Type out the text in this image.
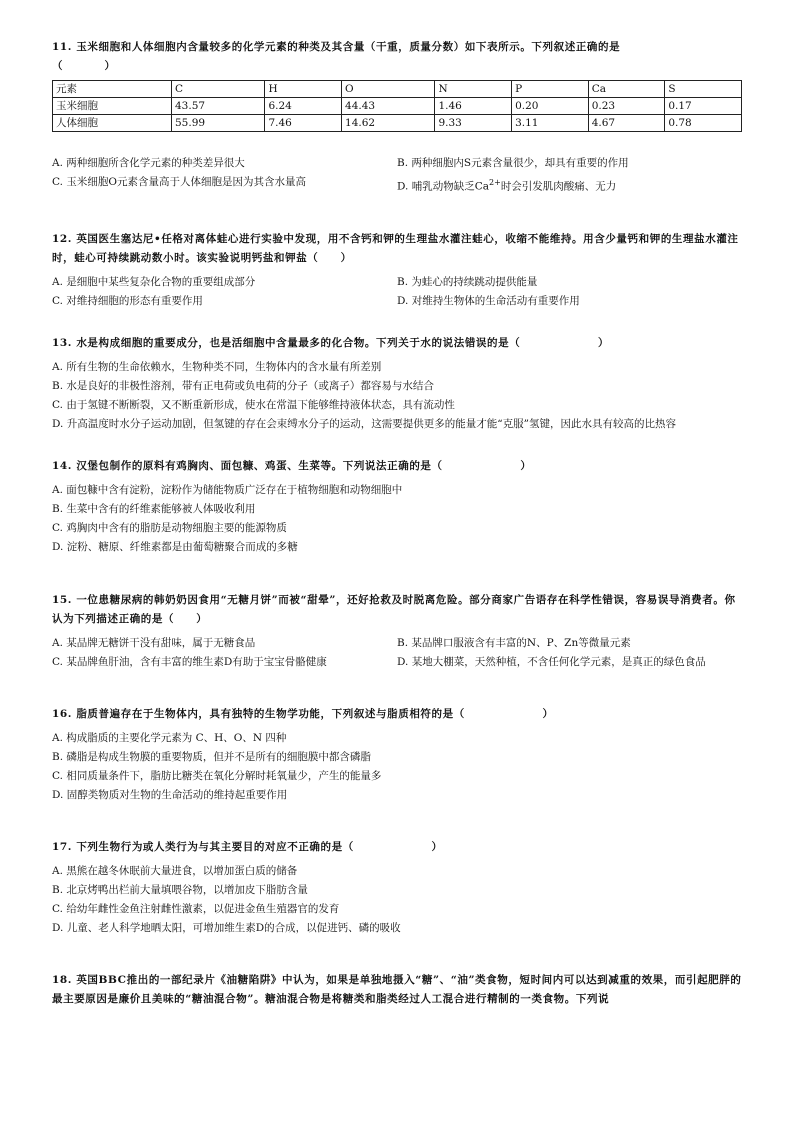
11. 玉米细胞和人体细胞内含量较多的化学元素的种类及其含量（干重，质量分数）如下表所示。下列叙述正确的是
（　　　　）

元素	C	H	O	N	P	Ca	S
玉米细胞	43.57	6.24	44.43	1.46	0.20	0.23	0.17
人体细胞	55.99	7.46	14.62	9.33	3.11	4.67	0.78

A. 两种细胞所含化学元素的种类差异很大	B. 两种细胞内S元素含量很少，却具有重要的作用

C. 玉米细胞O元素含量高于人体细胞是因为其含水量高	D. 哺乳动物缺乏$Ca^{2+}$时会引发肌肉酸痛、无力

12. 英国医生塞达尼•任格对离体蛙心进行实验中发现，用不含钙和钾的生理盐水灌注蛙心，收缩不能维持。用含少量钙和钾的生理盐水灌注时，蛙心可持续跳动数小时。该实验说明钙盐和钾盐（　　）

A. 是细胞中某些复杂化合物的重要组成部分	B. 为蛙心的持续跳动提供能量

C. 对维持细胞的形态有重要作用	D. 对维持生物体的生命活动有重要作用

13. 水是构成细胞的重要成分，也是活细胞中含量最多的化合物。下列关于水的说法错误的是（　　　　　　　）

A. 所有生物的生命依赖水，生物种类不同，生物体内的含水量有所差别

B. 水是良好的非极性溶剂，带有正电荷或负电荷的分子（或离子）都容易与水结合

C. 由于氢键不断断裂，又不断重新形成，使水在常温下能够维持液体状态，具有流动性

D. 升高温度时水分子运动加剧，但氢键的存在会束缚水分子的运动，这需要提供更多的能量才能“克服”氢键，因此水具有较高的比热容

14. 汉堡包制作的原料有鸡胸肉、面包糠、鸡蛋、生菜等。下列说法正确的是（　　　　　　　）

A. 面包糠中含有淀粉，淀粉作为储能物质广泛存在于植物细胞和动物细胞中

B. 生菜中含有的纤维素能够被人体吸收利用

C. 鸡胸肉中含有的脂肪是动物细胞主要的能源物质

D. 淀粉、糖原、纤维素都是由葡萄糖聚合而成的多糖

15. 一位患糖尿病的韩奶奶因食用“无糖月饼”而被“甜晕”，还好抢救及时脱离危险。部分商家广告语存在科学性错误，容易误导消费者。你认为下列描述正确的是（　　）

A. 某品牌无糖饼干没有甜味，属于无糖食品	B. 某品牌口服液含有丰富的N、P、Zn等微量元素

C. 某品牌鱼肝油，含有丰富的维生素D有助于宝宝骨骼健康	D. 某地大棚菜，天然种植，不含任何化学元素，是真正的绿色食品

16. 脂质普遍存在于生物体内，具有独特的生物学功能，下列叙述与脂质相符的是（　　　　　　　）

A. 构成脂质的主要化学元素为 C、H、O、N 四种

B. 磷脂是构成生物膜的重要物质，但并不是所有的细胞膜中都含磷脂

C. 相同质量条件下，脂肪比糖类在氧化分解时耗氧量少，产生的能量多

D. 固醇类物质对生物的生命活动的维持起重要作用

17. 下列生物行为或人类行为与其主要目的对应不正确的是（　　　　　　　）

A. 黑熊在越冬休眠前大量进食，以增加蛋白质的储备

B. 北京烤鸭出栏前大量填喂谷物，以增加皮下脂肪含量

C. 给幼年雌性金鱼注射雌性激素，以促进金鱼生殖器官的发育

D. 儿童、老人科学地晒太阳，可增加维生素D的合成，以促进钙、磷的吸收

18. 英国BBC推出的一部纪录片《油糖陷阱》中认为，如果是单独地摄入“糖”、“油”类食物，短时间内可以达到减重的效果，而引起肥胖的最主要原因是廉价且美味的“糖油混合物”。糖油混合物是将糖类和脂类经过人工混合进行精制的一类食物。下列说
